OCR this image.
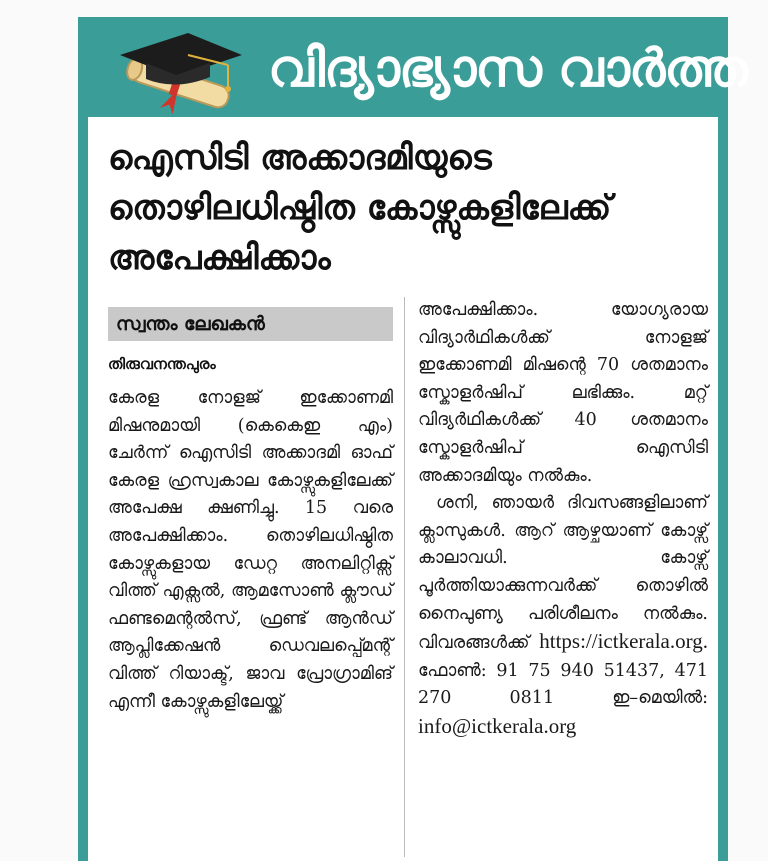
വിദ്യാഭ്യാസ വാർത്ത
ഐസിടി അക്കാദമിയുടെ തൊഴിലധിഷ്ഠിത കോഴ്സുകളിലേക്ക് അപേക്ഷിക്കാം
സ്വന്തം ലേഖകൻ
തിരുവനന്തപുരം

കേരള നോളജ് ഇക്കോണമി മിഷനുമായി (കെകെഇ എം) ചേർന്ന് ഐസിടി അക്കാദമി ഓഫ് കേരള ഹ്രസ്വകാല കോഴ്സുകളിലേക്ക് അപേക്ഷ ക്ഷണിച്ചു. 15 വരെ അപേക്ഷിക്കാം. തൊഴിലധിഷ്ഠിത കോഴ്സുകളായ ഡേറ്റ അനലിറ്റിക്സ് വിത്ത് എക്സൽ, ആമസോൺ ക്ലൗഡ് ഫണ്ടമെന്റൽസ്, ഫ്രണ്ട് ആൻഡ് ആപ്ലിക്കേഷൻ ഡെവലപ്പ്മെന്റ് വിത്ത് റിയാക്ട്, ജാവ പ്രോഗ്രാമിങ് എന്നീ കോഴ്സുകളിലേയ്ക്ക്

അപേക്ഷിക്കാം. യോഗ്യരായ വിദ്യാർഥികൾക്ക് നോളജ് ഇക്കോണമി മിഷന്റെ 70 ശതമാനം സ്കോളർഷിപ് ലഭിക്കും. മറ്റ് വിദ്യർഥികൾക്ക് 40 ശതമാനം സ്കോളർഷിപ് ഐസിടി അക്കാദമിയും നൽകും.

ശനി, ഞായർ ദിവസങ്ങളിലാണ് ക്ലാസുകൾ. ആറ് ആഴ്ചയാണ് കോഴ്സ് കാലാവധി. കോഴ്സ് പൂർത്തിയാക്കുന്നവർക്ക് തൊഴിൽ നൈപുണ്യ പരിശീലനം നൽകും. വിവരങ്ങൾക്ക് https://ictkerala.org. ഫോൺ: 91 75 940 51437, 471 270 0811 ഇ–മെയിൽ: info@ictkerala.org
